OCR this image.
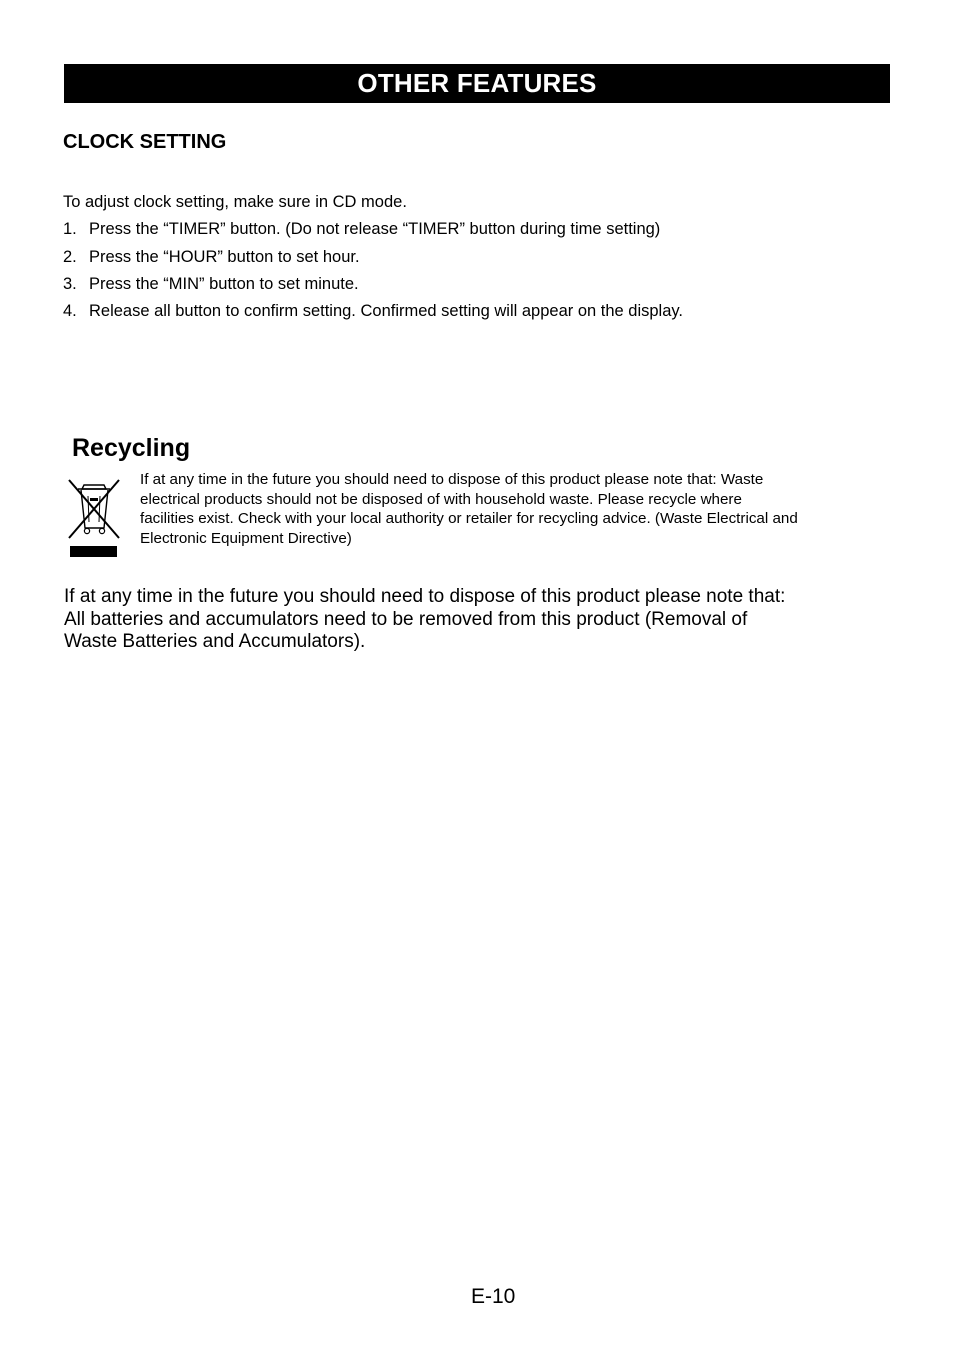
OTHER FEATURES
CLOCK SETTING

To adjust clock setting, make sure in CD mode.

1. Press the “TIMER” button. (Do not release “TIMER” button during time setting)
2. Press the “HOUR” button to set hour.
3. Press the “MIN” button to set minute.
4. Release all button to confirm setting. Confirmed setting will appear on the display.
Recycling

If at any time in the future you should need to dispose of this product please note that: Waste electrical products should not be disposed of with household waste. Please recycle where facilities exist. Check with your local authority or retailer for recycling advice. (Waste Electrical and Electronic Equipment Directive)

If at any time in the future you should need to dispose of this product please note that: All batteries and accumulators need to be removed from this product (Removal of Waste Batteries and Accumulators).

E-10
